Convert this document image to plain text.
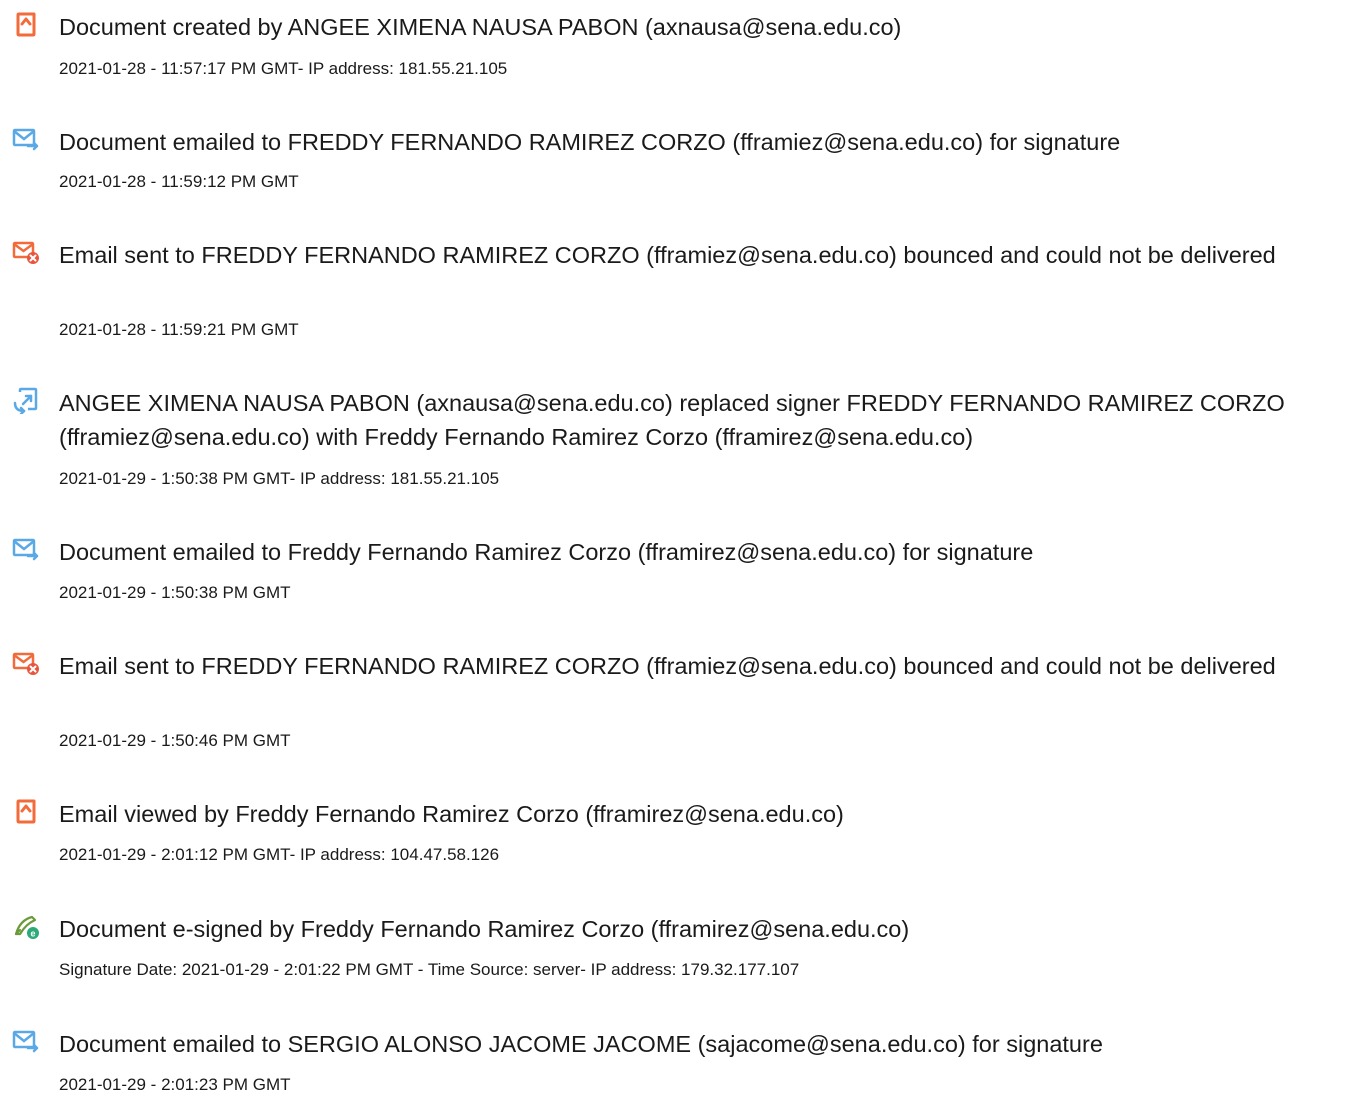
Document created by ANGEE XIMENA NAUSA PABON (axnausa@sena.edu.co)
2021-01-28 - 11:57:17 PM GMT- IP address: 181.55.21.105
Document emailed to FREDDY FERNANDO RAMIREZ CORZO (fframiez@sena.edu.co) for signature
2021-01-28 - 11:59:12 PM GMT
Email sent to FREDDY FERNANDO RAMIREZ CORZO (fframiez@sena.edu.co) bounced and could not be delivered
2021-01-28 - 11:59:21 PM GMT
ANGEE XIMENA NAUSA PABON (axnausa@sena.edu.co) replaced signer FREDDY FERNANDO RAMIREZ CORZO (fframiez@sena.edu.co) with Freddy Fernando Ramirez Corzo (fframirez@sena.edu.co)
2021-01-29 - 1:50:38 PM GMT- IP address: 181.55.21.105
Document emailed to Freddy Fernando Ramirez Corzo (fframirez@sena.edu.co) for signature
2021-01-29 - 1:50:38 PM GMT
Email sent to FREDDY FERNANDO RAMIREZ CORZO (fframiez@sena.edu.co) bounced and could not be delivered
2021-01-29 - 1:50:46 PM GMT
Email viewed by Freddy Fernando Ramirez Corzo (fframirez@sena.edu.co)
2021-01-29 - 2:01:12 PM GMT- IP address: 104.47.58.126
e Document e-signed by Freddy Fernando Ramirez Corzo (fframirez@sena.edu.co)
Signature Date: 2021-01-29 - 2:01:22 PM GMT - Time Source: server- IP address: 179.32.177.107
Document emailed to SERGIO ALONSO JACOME JACOME (sajacome@sena.edu.co) for signature
2021-01-29 - 2:01:23 PM GMT
